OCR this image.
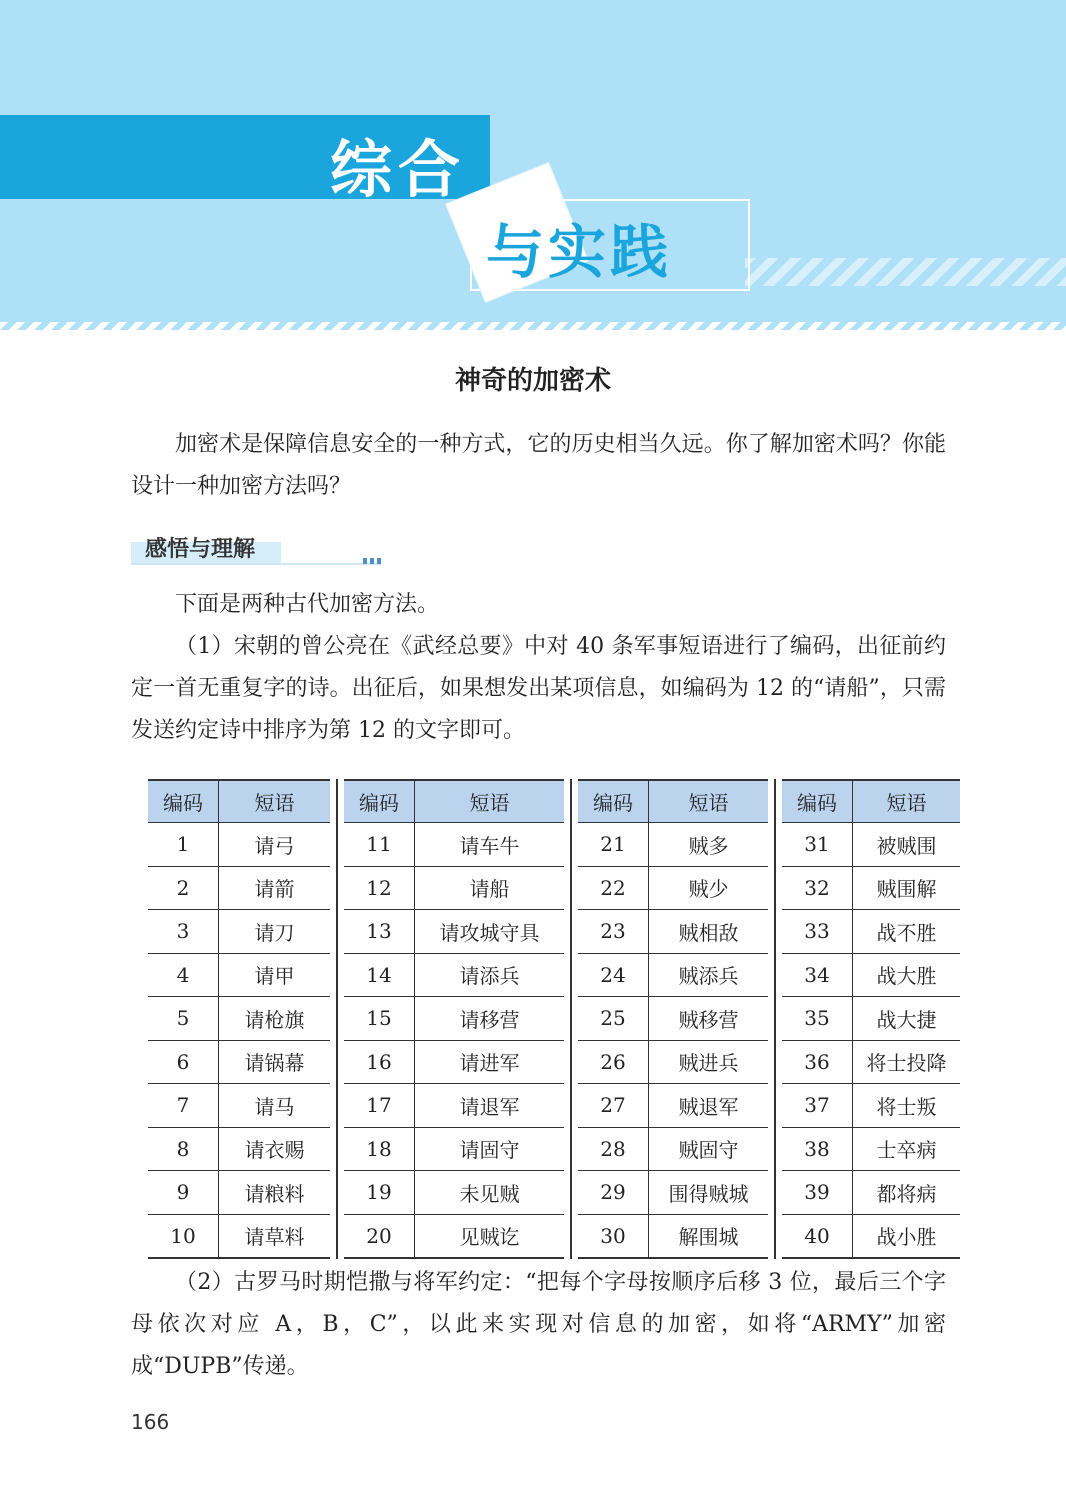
综合
与实践
神奇的加密术
加密术是保障信息安全的一种方式，它的历史相当久远。你了解加密术吗？你能设计一种加密方法吗？
感悟与理解
下面是两种古代加密方法。
（1）宋朝的曾公亮在《武经总要》中对 40 条军事短语进行了编码，出征前约定一首无重复字的诗。出征后，如果想发出某项信息，如编码为 12 的“请船”，只需发送约定诗中排序为第 12 的文字即可。
编码	短语
1	请弓
2	请箭
3	请刀
4	请甲
5	请枪旗
6	请锅幕
7	请马
8	请衣赐
9	请粮料
10	请草料
编码	短语
11	请车牛
12	请船
13	请攻城守具
14	请添兵
15	请移营
16	请进军
17	请退军
18	请固守
19	未见贼
20	见贼讫
编码	短语
21	贼多
22	贼少
23	贼相敌
24	贼添兵
25	贼移营
26	贼进兵
27	贼退军
28	贼固守
29	围得贼城
30	解围城
编码	短语
31	被贼围
32	贼围解
33	战不胜
34	战大胜
35	战大捷
36	将士投降
37	将士叛
38	士卒病
39	都将病
40	战小胜
（2）古罗马时期恺撒与将军约定：“把每个字母按顺序后移 3 位，最后三个字母依次对应 A，B，C”，以此来实现对信息的加密，如将“ARMY”加密成“DUPB”传递。
166
